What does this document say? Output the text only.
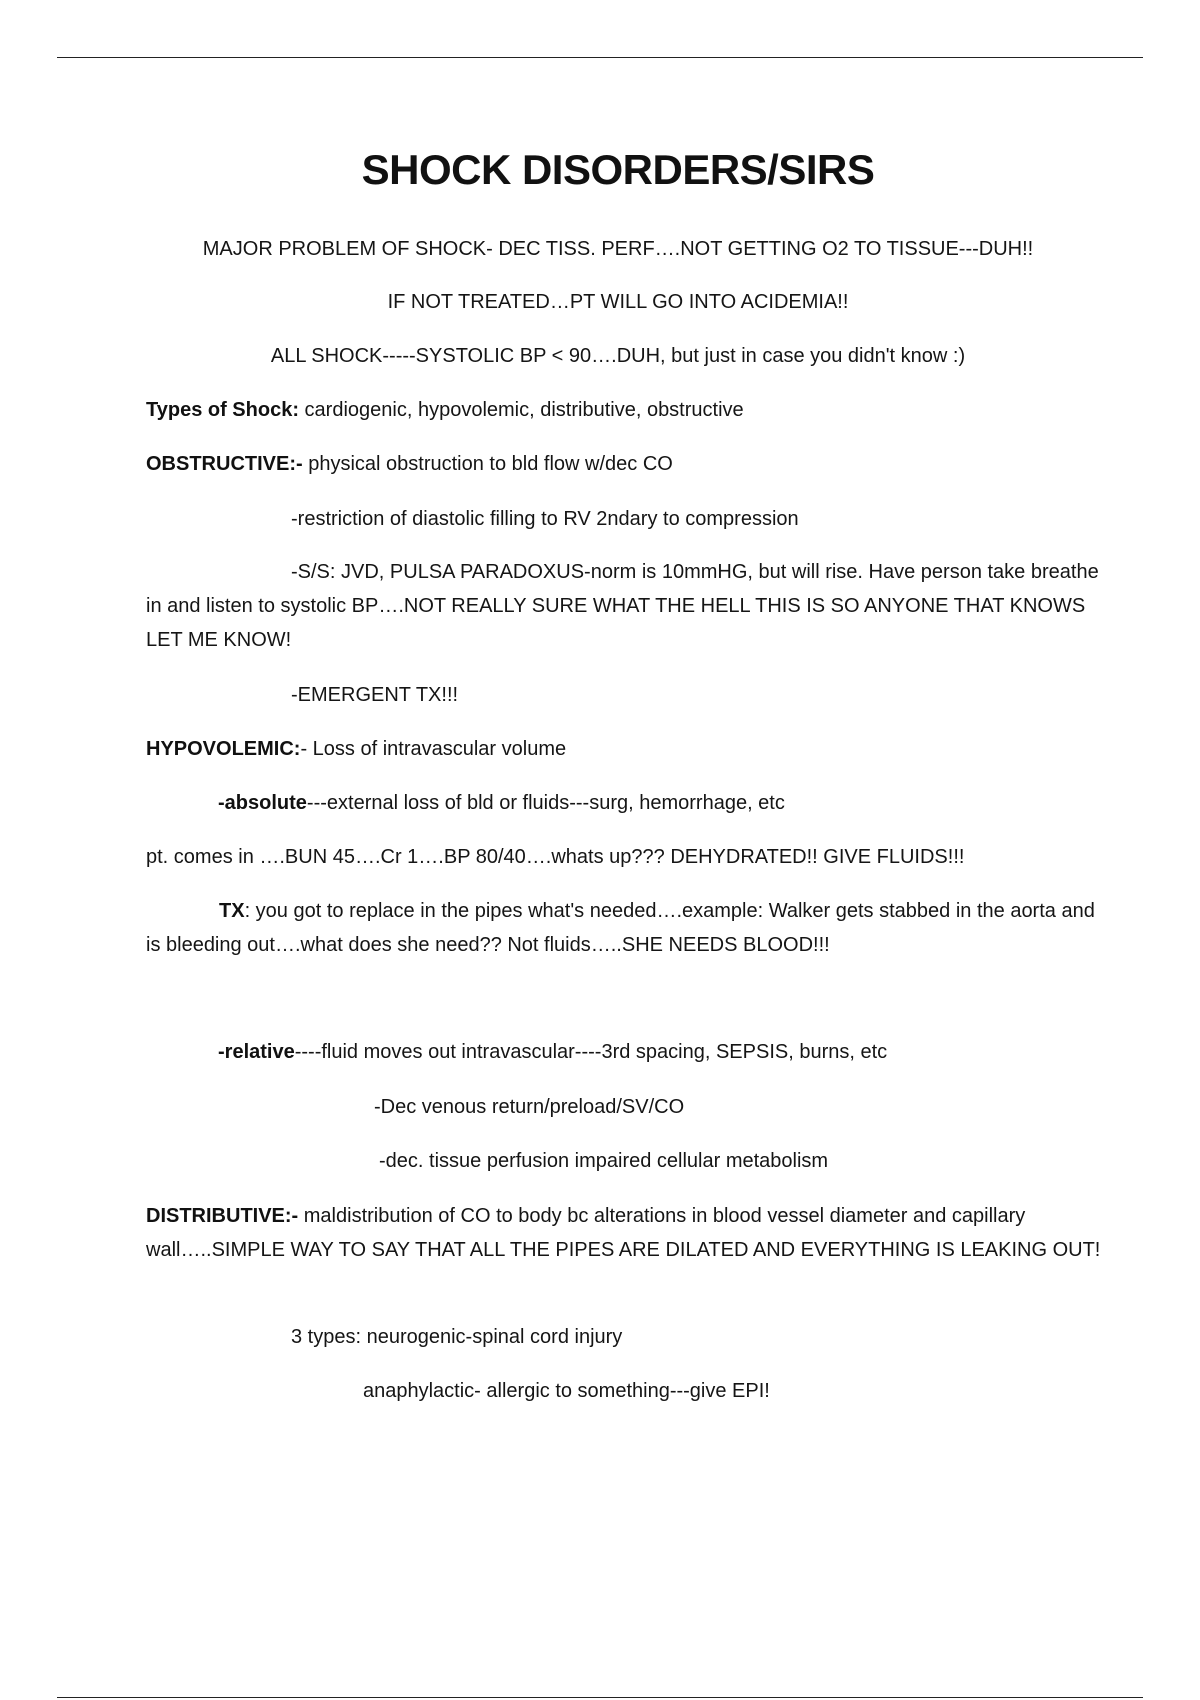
SHOCK DISORDERS/SIRS
MAJOR PROBLEM OF SHOCK- DEC TISS. PERF….NOT GETTING O2 TO TISSUE---DUH!!
IF NOT TREATED…PT WILL GO INTO ACIDEMIA!!
ALL SHOCK-----SYSTOLIC BP < 90….DUH, but just in case you didn't know :)
Types of Shock: cardiogenic, hypovolemic, distributive, obstructive
OBSTRUCTIVE:- physical obstruction to bld flow w/dec CO
-restriction of diastolic filling to RV 2ndary to compression
-S/S: JVD, PULSA PARADOXUS-norm is 10mmHG, but will rise. Have person take breathe in and listen to systolic BP….NOT REALLY SURE WHAT THE HELL THIS IS SO ANYONE THAT KNOWS LET ME KNOW!
-EMERGENT TX!!!
HYPOVOLEMIC:- Loss of intravascular volume
-absolute---external loss of bld or fluids---surg, hemorrhage, etc
pt. comes in ….BUN 45….Cr 1….BP 80/40….whats up??? DEHYDRATED!! GIVE FLUIDS!!!
TX: you got to replace in the pipes what's needed….example: Walker gets stabbed in the aorta and is bleeding out….what does she need?? Not fluids…..SHE NEEDS BLOOD!!!
-relative----fluid moves out intravascular----3rd spacing, SEPSIS, burns, etc
-Dec venous return/preload/SV/CO
-dec. tissue perfusion impaired cellular metabolism
DISTRIBUTIVE:- maldistribution of CO to body bc alterations in blood vessel diameter and capillary wall…..SIMPLE WAY TO SAY THAT ALL THE PIPES ARE DILATED AND EVERYTHING IS LEAKING OUT!
3 types: neurogenic-spinal cord injury
anaphylactic- allergic to something---give EPI!
